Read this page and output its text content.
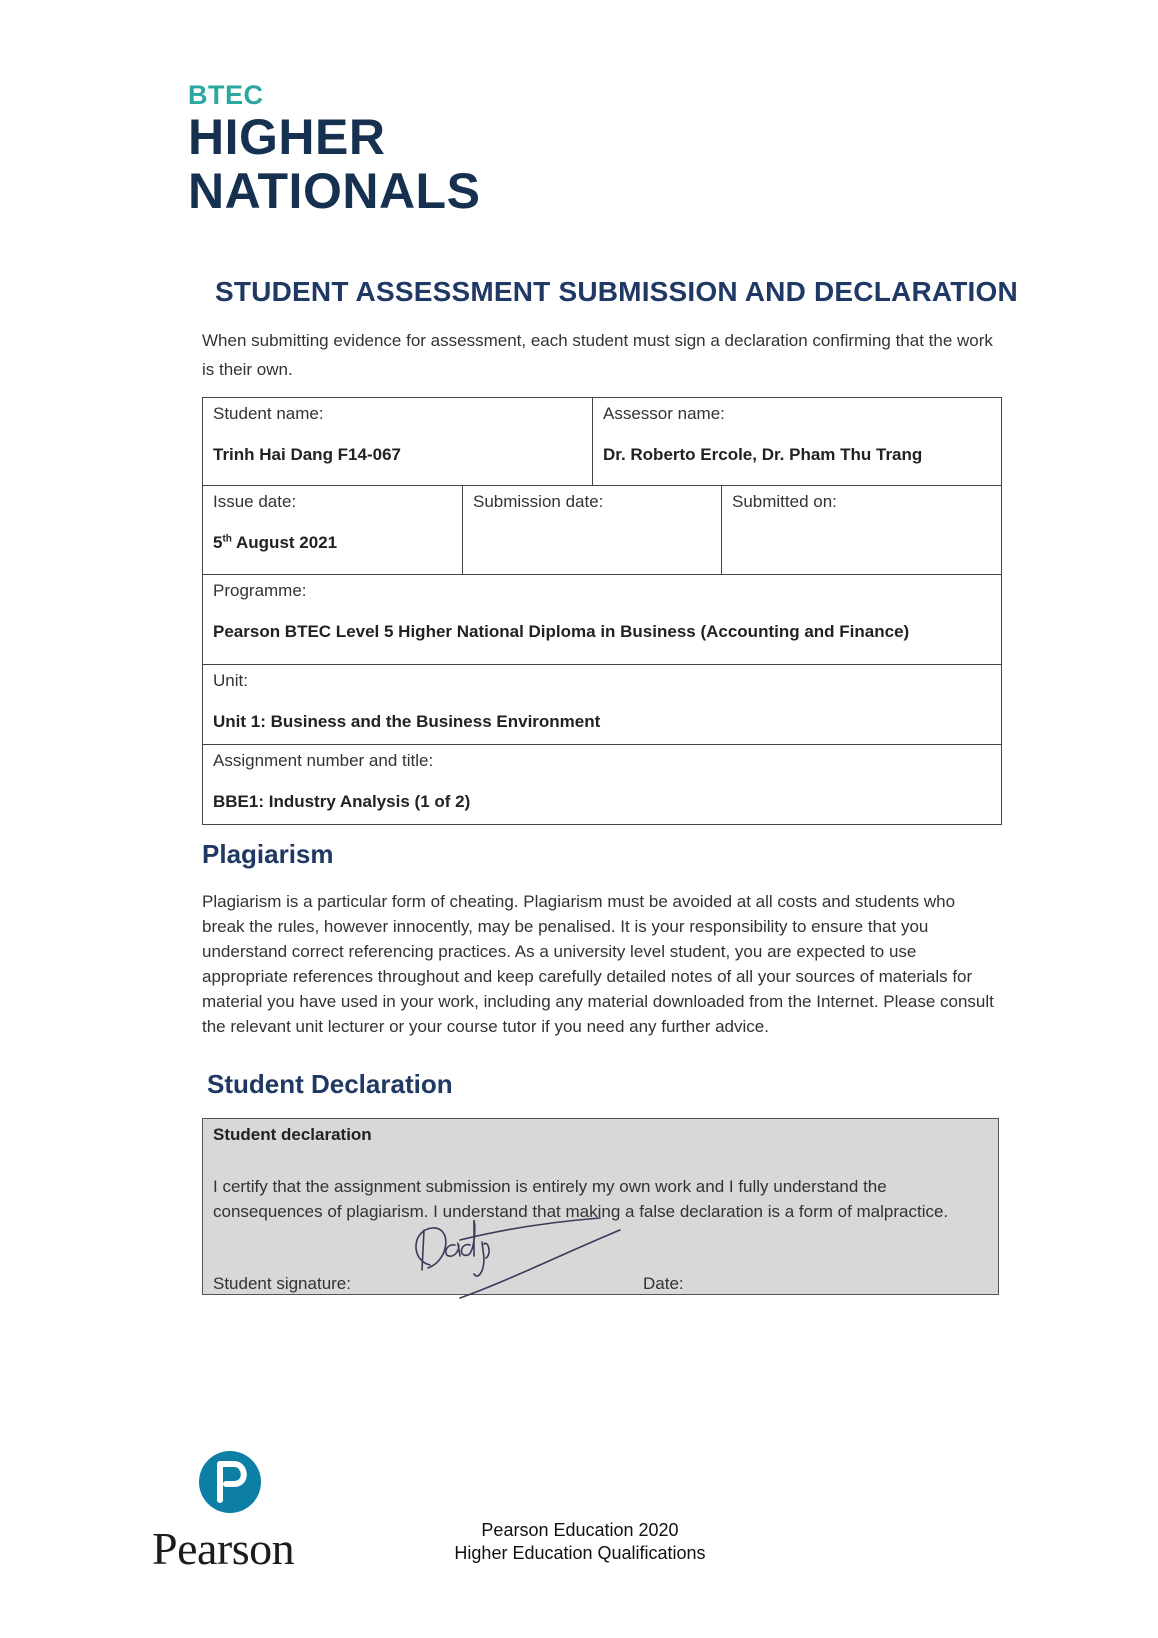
BTEC
HIGHER
NATIONALS
STUDENT ASSESSMENT SUBMISSION AND DECLARATION
When submitting evidence for assessment, each student must sign a declaration confirming that the work is their own.
Student name:
Trinh Hai Dang F14-067
Assessor name:
Dr. Roberto Ercole, Dr. Pham Thu Trang
Issue date:
5th August 2021
Submission date:	Submitted on:
Programme:
Pearson BTEC Level 5 Higher National Diploma in Business (Accounting and Finance)
Unit:
Unit 1: Business and the Business Environment
Assignment number and title:
BBE1: Industry Analysis (1 of 2)
Plagiarism
Plagiarism is a particular form of cheating. Plagiarism must be avoided at all costs and students who break the rules, however innocently, may be penalised. It is your responsibility to ensure that you understand correct referencing practices. As a university level student, you are expected to use appropriate references throughout and keep carefully detailed notes of all your sources of materials for material you have used in your work, including any material downloaded from the Internet. Please consult the relevant unit lecturer or your course tutor if you need any further advice.
Student Declaration
Student declaration
I certify that the assignment submission is entirely my own work and I fully understand the consequences of plagiarism. I understand that making a false declaration is a form of malpractice.
Student signature:	Date:
Pearson	Pearson Education 2020
Higher Education Qualifications
